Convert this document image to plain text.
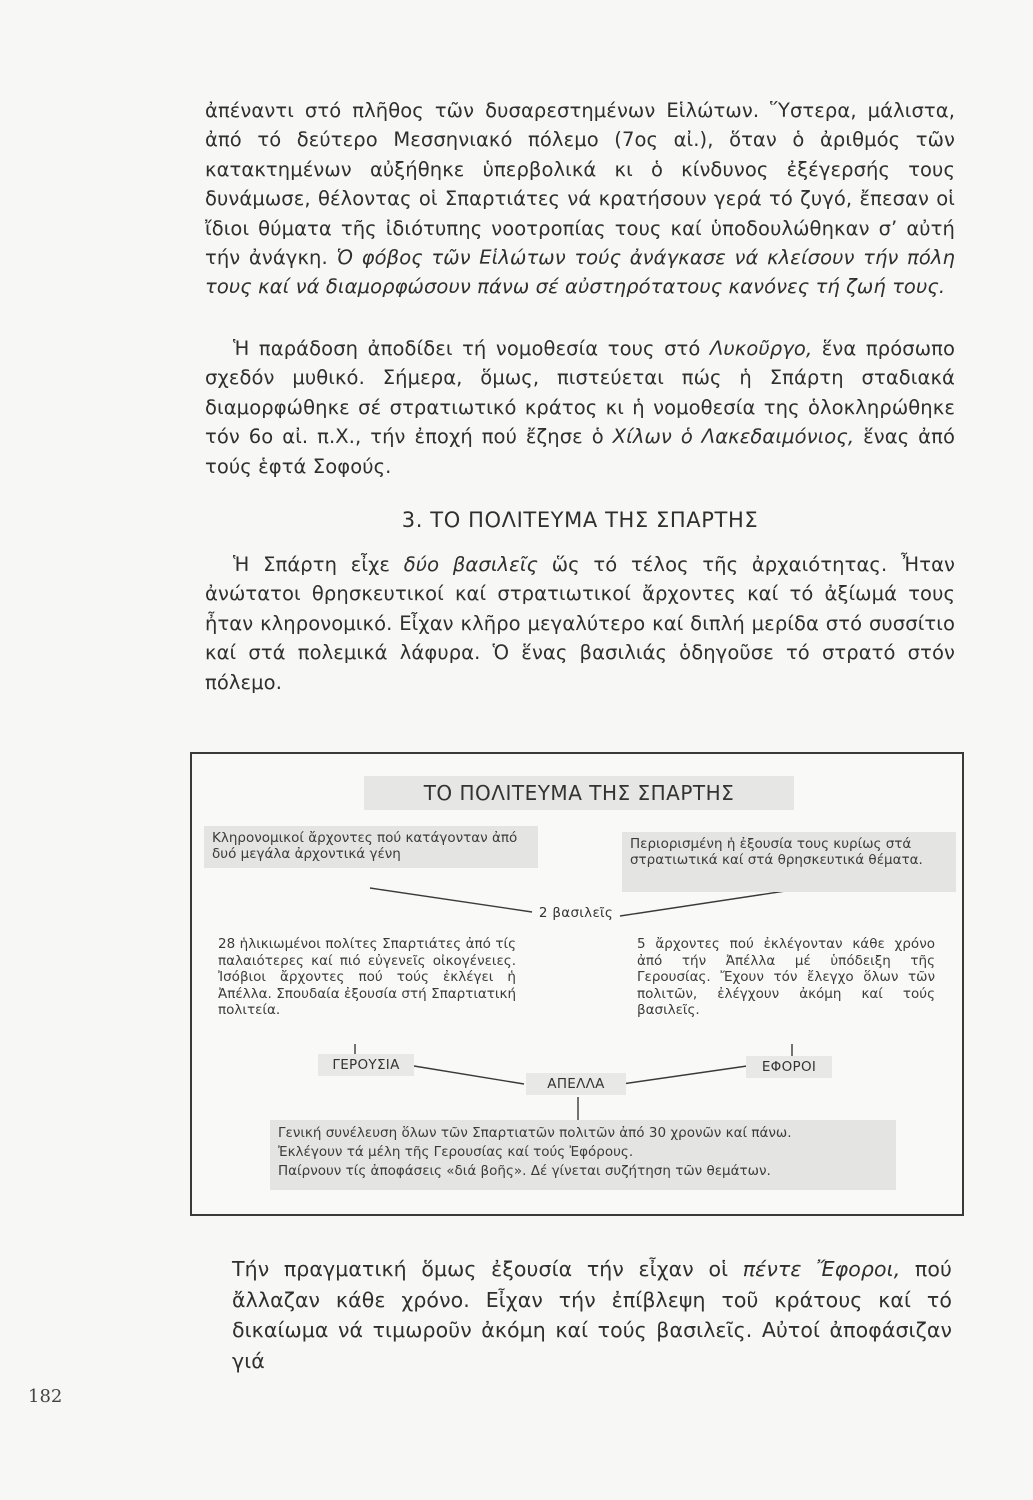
ἀπέναντι στό πλῆθος τῶν δυσαρεστημένων Εἱλώτων. Ὕστερα, μάλιστα, ἀπό τό δεύτερο Μεσσηνιακό πόλεμο (7ος αἰ.), ὅταν ὁ ἀριθμός τῶν κατακτημένων αὐξήθηκε ὑπερβολικά κι ὁ κίνδυνος ἐξέγερσής τους δυνάμωσε, θέλοντας οἱ Σπαρτιάτες νά κρατήσουν γερά τό ζυγό, ἔπεσαν οἱ ἴδιοι θύματα τῆς ἰδιότυπης νοοτροπίας τους καί ὑποδουλώθηκαν σ’ αὐτή τήν ἀνάγκη. Ὁ φόβος τῶν Εἱλώτων τούς ἀνάγκασε νά κλείσουν τήν πόλη τους καί νά διαμορφώσουν πάνω σέ αὐστηρότατους κανόνες τή ζωή τους.
Ἡ παράδοση ἀποδίδει τή νομοθεσία τους στό Λυκοῦργο, ἕνα πρόσωπο σχεδόν μυθικό. Σήμερα, ὅμως, πιστεύεται πώς ἡ Σπάρτη σταδιακά διαμορφώθηκε σέ στρατιωτικό κράτος κι ἡ νομοθεσία της ὁλοκληρώθηκε τόν 6ο αἰ. π.Χ., τήν ἐποχή πού ἔζησε ὁ Χίλων ὁ Λακεδαιμόνιος, ἕνας ἀπό τούς ἑφτά Σοφούς.
3. ΤΟ ΠΟΛΙΤΕΥΜΑ ΤΗΣ ΣΠΑΡΤΗΣ
Ἡ Σπάρτη εἶχε δύο βασιλεῖς ὥς τό τέλος τῆς ἀρχαιότητας. Ἦταν ἀνώτατοι θρησκευτικοί καί στρατιωτικοί ἄρχοντες καί τό ἀξίωμά τους ἦταν κληρονομικό. Εἶχαν κλῆρο μεγαλύτερο καί διπλή μερίδα στό συσσίτιο καί στά πολεμικά λάφυρα. Ὁ ἕνας βασιλιάς ὁδηγοῦσε τό στρατό στόν πόλεμο.
ΤΟ ΠΟΛΙΤΕΥΜΑ ΤΗΣ ΣΠΑΡΤΗΣ
Κληρονομικοί ἄρχοντες πού κατάγονταν ἀπό δυό μεγάλα ἀρχοντικά γένη
Περιορισμένη ἡ ἐξουσία τους κυρίως στά στρατιωτικά καί στά θρησκευτικά θέματα.
2 βασιλεῖς
28 ἡλικιωμένοι πολίτες Σπαρτιάτες ἀπό τίς παλαιότερες καί πιό εὐγενεῖς οἰκογένειες. Ἰσόβιοι ἄρχοντες πού τούς ἐκλέγει ἡ Ἀπέλλα. Σπουδαία ἐξουσία στή Σπαρτιατική πολιτεία.
5 ἄρχοντες πού ἐκλέγονταν κάθε χρόνο ἀπό τήν Ἀπέλλα μέ ὑπόδειξη τῆς Γερουσίας. Ἔχουν τόν ἔλεγχο ὅλων τῶν πολιτῶν, ἐλέγχουν ἀκόμη καί τούς βασιλεῖς.
ΓΕΡΟΥΣΙΑ
ΑΠΕΛΛΑ
ΕΦΟΡΟΙ
Γενική συνέλευση ὅλων τῶν Σπαρτιατῶν πολιτῶν ἀπό 30 χρονῶν καί πάνω.
Ἐκλέγουν τά μέλη τῆς Γερουσίας καί τούς Ἐφόρους.
Παίρνουν τίς ἀποφάσεις «διά βοῆς». Δέ γίνεται συζήτηση τῶν θεμάτων.
Τήν πραγματική ὅμως ἐξουσία τήν εἶχαν οἱ πέντε Ἔφοροι, πού ἄλλαζαν κάθε χρόνο. Εἶχαν τήν ἐπίβλεψη τοῦ κράτους καί τό δικαίωμα νά τιμωροῦν ἀκόμη καί τούς βασιλεῖς. Αὐτοί ἀποφάσιζαν γιά
182
